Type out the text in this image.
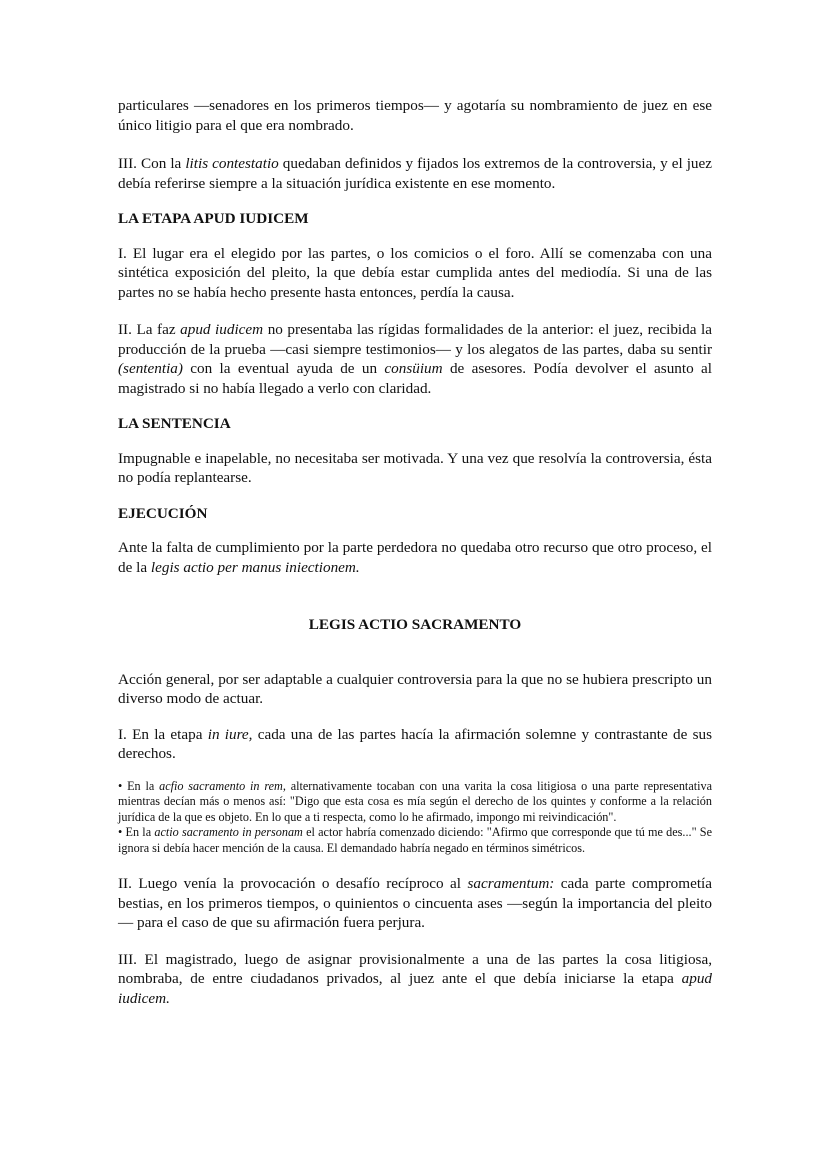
particulares —senadores en los primeros tiempos— y agotaría su nombramiento de juez en ese único litigio para el que era nombrado.

III. Con la litis contestatio quedaban definidos y fijados los extremos de la controversia, y el juez debía referirse siempre a la situación jurídica existente en ese momento.

LA ETAPA APUD IUDICEM

I. El lugar era el elegido por las partes, o los comicios o el foro. Allí se comenzaba con una sintética exposición del pleito, la que debía estar cumplida antes del mediodía. Si una de las partes no se había hecho presente hasta entonces, perdía la causa.

II. La faz apud iudicem no presentaba las rígidas formalidades de la anterior: el juez, recibida la producción de la prueba —casi siempre testimonios— y los alegatos de las partes, daba su sentir (sententia) con la eventual ayuda de un consüium de asesores. Podía devolver el asunto al magistrado si no había llegado a verlo con claridad.

LA SENTENCIA

Impugnable e inapelable, no necesitaba ser motivada. Y una vez que resolvía la controversia, ésta no podía replantearse.

EJECUCIÓN

Ante la falta de cumplimiento por la parte perdedora no quedaba otro recurso que otro proceso, el de la legis actio per manus iniectionem.

LEGIS ACTIO SACRAMENTO

Acción general, por ser adaptable a cualquier controversia para la que no se hubiera prescripto un diverso modo de actuar.

I. En la etapa in iure, cada una de las partes hacía la afirmación solemne y contrastante de sus derechos.

• En la acfio sacramento in rem, alternativamente tocaban con una varita la cosa litigiosa o una parte representativa mientras decían más o menos así: "Digo que esta cosa es mía según el derecho de los quintes y conforme a la relación jurídica de la que es objeto. En lo que a ti respecta, como lo he afirmado, impongo mi reivindicación".

• En la actio sacramento in personam el actor habría comenzado diciendo: "Afirmo que corresponde que tú me des..." Se ignora si debía hacer mención de la causa. El demandado habría negado en términos simétricos.

II. Luego venía la provocación o desafío recíproco al sacramentum: cada parte comprometía bestias, en los primeros tiempos, o quinientos o cincuenta ases —según la importancia del pleito— para el caso de que su afirmación fuera perjura.

III. El magistrado, luego de asignar provisionalmente a una de las partes la cosa litigiosa, nombraba, de entre ciudadanos privados, al juez ante el que debía iniciarse la etapa apud iudicem.
